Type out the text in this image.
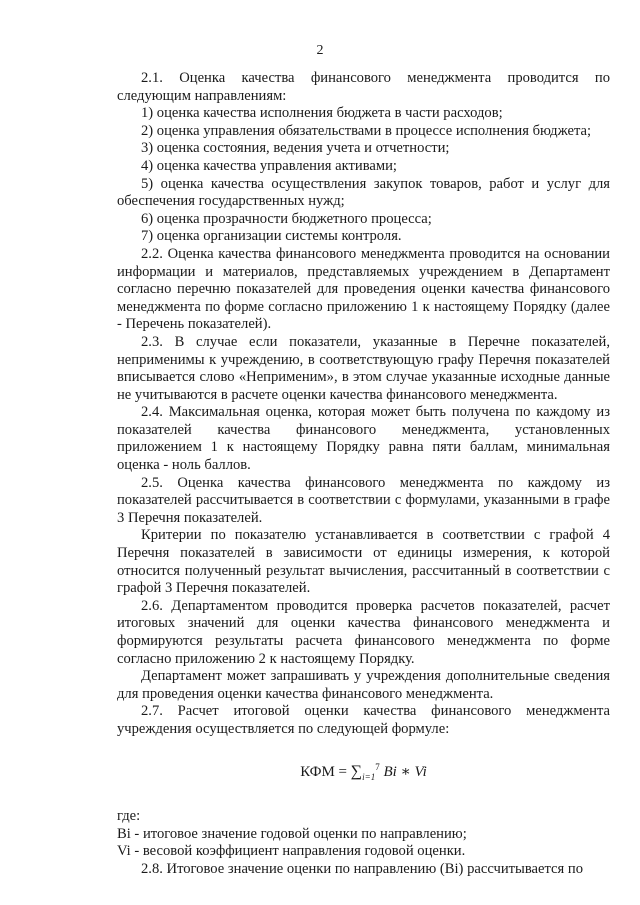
2

2.1. Оценка качества финансового менеджмента проводится по следующим направлениям:

1) оценка качества исполнения бюджета в части расходов;

2) оценка управления обязательствами в процессе исполнения бюджета;

3) оценка состояния, ведения учета и отчетности;

4) оценка качества управления активами;

5) оценка качества осуществления закупок товаров, работ и услуг для обеспечения государственных нужд;

6) оценка прозрачности бюджетного процесса;

7) оценка организации системы контроля.

2.2. Оценка качества финансового менеджмента проводится на основании информации и материалов, представляемых учреждением в Департамент согласно перечню показателей для проведения оценки качества финансового менеджмента по форме согласно приложению 1 к настоящему Порядку (далее - Перечень показателей).

2.3. В случае если показатели, указанные в Перечне показателей, неприменимы к учреждению, в соответствующую графу Перечня показателей вписывается слово «Неприменим», в этом случае указанные исходные данные не учитываются в расчете оценки качества финансового менеджмента.

2.4. Максимальная оценка, которая может быть получена по каждому из показателей качества финансового менеджмента, установленных приложением 1 к настоящему Порядку равна пяти баллам, минимальная оценка - ноль баллов.

2.5. Оценка качества финансового менеджмента по каждому из показателей рассчитывается в соответствии с формулами, указанными в графе 3 Перечня показателей.

Критерии по показателю устанавливается в соответствии с графой 4 Перечня показателей в зависимости от единицы измерения, к которой относится полученный результат вычисления, рассчитанный в соответствии с графой 3 Перечня показателей.

2.6. Департаментом проводится проверка расчетов показателей, расчет итоговых значений для оценки качества финансового менеджмента и формируются результаты расчета финансового менеджмента по форме согласно приложению 2 к настоящему Порядку.

Департамент может запрашивать у учреждения дополнительные сведения для проведения оценки качества финансового менеджмента.

2.7. Расчет итоговой оценки качества финансового менеджмента учреждения осуществляется по следующей формуле:

КФМ = $\sum_{i=1}^7$ Bi ∗ Vi

где:

Bi - итоговое значение годовой оценки по направлению;

Vi - весовой коэффициент направления годовой оценки.

2.8. Итоговое значение оценки по направлению (Bi) рассчитывается по
